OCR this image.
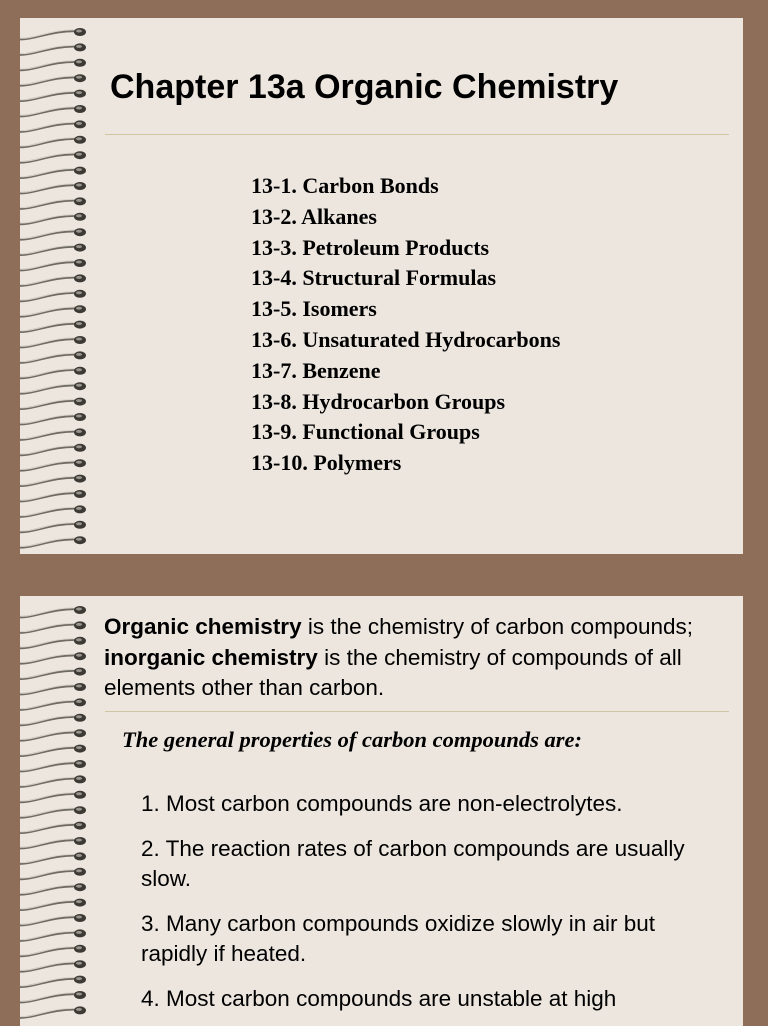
Chapter 13a Organic Chemistry
13-1. Carbon Bonds
13-2. Alkanes
13-3. Petroleum Products
13-4. Structural Formulas
13-5. Isomers
13-6. Unsaturated Hydrocarbons
13-7. Benzene
13-8. Hydrocarbon Groups
13-9. Functional Groups
13-10. Polymers

Organic chemistry is the chemistry of carbon compounds; inorganic chemistry is the chemistry of compounds of all elements other than carbon.

The general properties of carbon compounds are:

1. Most carbon compounds are non-electrolytes.
2. The reaction rates of carbon compounds are usually slow.
3. Many carbon compounds oxidize slowly in air but rapidly if heated.
4. Most carbon compounds are unstable at high
